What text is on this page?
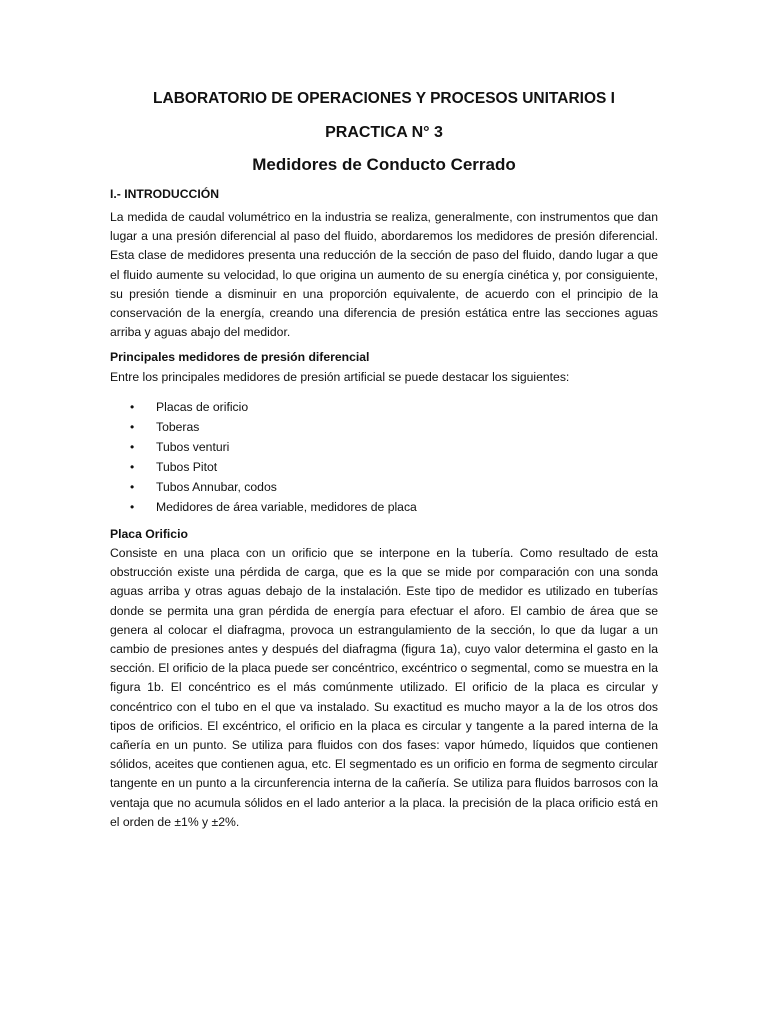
LABORATORIO DE OPERACIONES Y PROCESOS UNITARIOS I
PRACTICA N° 3
Medidores de Conducto Cerrado
I.- INTRODUCCIÓN

La medida de caudal volumétrico en la industria se realiza, generalmente, con instrumentos que dan lugar a una presión diferencial al paso del fluido, abordaremos los medidores de presión diferencial. Esta clase de medidores presenta una reducción de la sección de paso del fluido, dando lugar a que el fluido aumente su velocidad, lo que origina un aumento de su energía cinética y, por consiguiente, su presión tiende a disminuir en una proporción equivalente, de acuerdo con el principio de la conservación de la energía, creando una diferencia de presión estática entre las secciones aguas arriba y aguas abajo del medidor.

Principales medidores de presión diferencial

Entre los principales medidores de presión artificial se puede destacar los siguientes:

• Placas de orificio
• Toberas
• Tubos venturi
• Tubos Pitot
• Tubos Annubar, codos
• Medidores de área variable, medidores de placa
Placa Orificio

Consiste en una placa con un orificio que se interpone en la tubería. Como resultado de esta obstrucción existe una pérdida de carga, que es la que se mide por comparación con una sonda aguas arriba y otras aguas debajo de la instalación. Este tipo de medidor es utilizado en tuberías donde se permita una gran pérdida de energía para efectuar el aforo. El cambio de área que se genera al colocar el diafragma, provoca un estrangulamiento de la sección, lo que da lugar a un cambio de presiones antes y después del diafragma (figura 1a), cuyo valor determina el gasto en la sección. El orificio de la placa puede ser concéntrico, excéntrico o segmental, como se muestra en la figura 1b. El concéntrico es el más comúnmente utilizado. El orificio de la placa es circular y concéntrico con el tubo en el que va instalado. Su exactitud es mucho mayor a la de los otros dos tipos de orificios. El excéntrico, el orificio en la placa es circular y tangente a la pared interna de la cañería en un punto. Se utiliza para fluidos con dos fases: vapor húmedo, líquidos que contienen sólidos, aceites que contienen agua, etc. El segmentado es un orificio en forma de segmento circular tangente en un punto a la circunferencia interna de la cañería. Se utiliza para fluidos barrosos con la ventaja que no acumula sólidos en el lado anterior a la placa. la precisión de la placa orificio está en el orden de ±1% y ±2%.
